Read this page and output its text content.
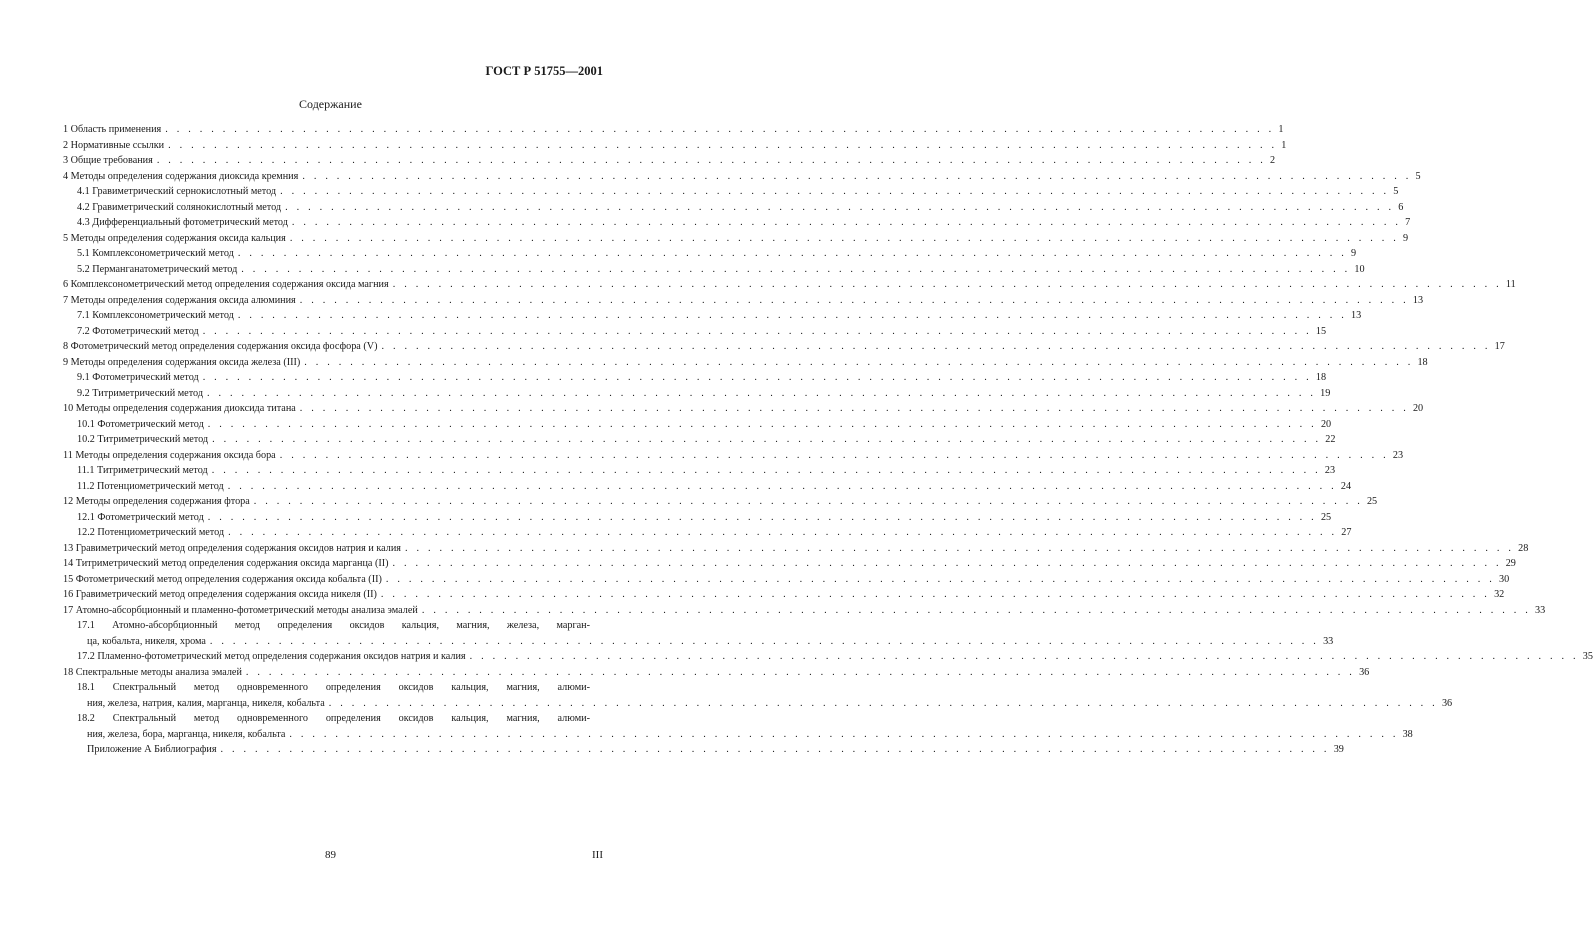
ГОСТ Р 51755—2001
Содержание
1 Область применения . . . . . . . . . . . . . . . . . . . . . . . . . . . . . . . . . . . . . . . . . . . . . . . . . . . . . . . . . . . . . . . . . . . . . . . . . . . . . . . . . . . . . . . . . . . . . . . . . 1
2 Нормативные ссылки . . . . . . . . . . . . . . . . . . . . . . . . . . . . . . . . . . . . . . . . . . . . . . . . . . . . . . . . . . . . . . . . . . . . . . . . . . . . . . . . . . . . . . . . . . . . . . . . . 1
3 Общие требования . . . . . . . . . . . . . . . . . . . . . . . . . . . . . . . . . . . . . . . . . . . . . . . . . . . . . . . . . . . . . . . . . . . . . . . . . . . . . . . . . . . . . . . . . . . . . . . . . 2
4 Методы определения содержания диоксида кремния . . . . . . . . . . . . . . . . . . . . . . . . . . . . . . . . . . . . . . . . . . . . . . . . . . . . . . . . . . . . . . . . . . . . . . . . . . . . . . . . . . . . . . . . . . . . . . . . . 5
4.1 Гравиметрический сернокислотный метод . . . . . . . . . . . . . . . . . . . . . . . . . . . . . . . . . . . . . . . . . . . . . . . . . . . . . . . . . . . . . . . . . . . . . . . . . . . . . . . . . . . . . . . . . . . . . . . . . 5
4.2 Гравиметрический солянокислотный метод . . . . . . . . . . . . . . . . . . . . . . . . . . . . . . . . . . . . . . . . . . . . . . . . . . . . . . . . . . . . . . . . . . . . . . . . . . . . . . . . . . . . . . . . . . . . . . . . . 6
4.3 Дифференциальный фотометрический метод . . . . . . . . . . . . . . . . . . . . . . . . . . . . . . . . . . . . . . . . . . . . . . . . . . . . . . . . . . . . . . . . . . . . . . . . . . . . . . . . . . . . . . . . . . . . . . . . . 7
5 Методы определения содержания оксида кальция . . . . . . . . . . . . . . . . . . . . . . . . . . . . . . . . . . . . . . . . . . . . . . . . . . . . . . . . . . . . . . . . . . . . . . . . . . . . . . . . . . . . . . . . . . . . . . . . . 9
5.1 Комплексонометрический метод . . . . . . . . . . . . . . . . . . . . . . . . . . . . . . . . . . . . . . . . . . . . . . . . . . . . . . . . . . . . . . . . . . . . . . . . . . . . . . . . . . . . . . . . . . . . . . . . . 9
5.2 Перманганатометрический метод . . . . . . . . . . . . . . . . . . . . . . . . . . . . . . . . . . . . . . . . . . . . . . . . . . . . . . . . . . . . . . . . . . . . . . . . . . . . . . . . . . . . . . . . . . . . . . . . . 10
6 Комплексонометрический метод определения содержания оксида магния . . . . . . . . . . . . . . . . . . . . . . . . . . . . . . . . . . . . . . . . . . . . . . . . . . . . . . . . . . . . . . . . . . . . . . . . . . . . . . . . . . . . . . . . . . . . . . . . . 11
7 Методы определения содержания оксида алюминия . . . . . . . . . . . . . . . . . . . . . . . . . . . . . . . . . . . . . . . . . . . . . . . . . . . . . . . . . . . . . . . . . . . . . . . . . . . . . . . . . . . . . . . . . . . . . . . . . 13
7.1 Комплексонометрический метод . . . . . . . . . . . . . . . . . . . . . . . . . . . . . . . . . . . . . . . . . . . . . . . . . . . . . . . . . . . . . . . . . . . . . . . . . . . . . . . . . . . . . . . . . . . . . . . . . 13
7.2 Фотометрический метод . . . . . . . . . . . . . . . . . . . . . . . . . . . . . . . . . . . . . . . . . . . . . . . . . . . . . . . . . . . . . . . . . . . . . . . . . . . . . . . . . . . . . . . . . . . . . . . . . 15
8 Фотометрический метод определения содержания оксида фосфора (V) . . . . . . . . . . . . . . . . . . . . . . . . . . . . . . . . . . . . . . . . . . . . . . . . . . . . . . . . . . . . . . . . . . . . . . . . . . . . . . . . . . . . . . . . . . . . . . . . . 17
9 Методы определения содержания оксида железа (III) . . . . . . . . . . . . . . . . . . . . . . . . . . . . . . . . . . . . . . . . . . . . . . . . . . . . . . . . . . . . . . . . . . . . . . . . . . . . . . . . . . . . . . . . . . . . . . . . . 18
9.1 Фотометрический метод . . . . . . . . . . . . . . . . . . . . . . . . . . . . . . . . . . . . . . . . . . . . . . . . . . . . . . . . . . . . . . . . . . . . . . . . . . . . . . . . . . . . . . . . . . . . . . . . . 18
9.2 Титриметрический метод . . . . . . . . . . . . . . . . . . . . . . . . . . . . . . . . . . . . . . . . . . . . . . . . . . . . . . . . . . . . . . . . . . . . . . . . . . . . . . . . . . . . . . . . . . . . . . . . . 19
10 Методы определения содержания диоксида титана . . . . . . . . . . . . . . . . . . . . . . . . . . . . . . . . . . . . . . . . . . . . . . . . . . . . . . . . . . . . . . . . . . . . . . . . . . . . . . . . . . . . . . . . . . . . . . . . . 20
10.1 Фотометрический метод . . . . . . . . . . . . . . . . . . . . . . . . . . . . . . . . . . . . . . . . . . . . . . . . . . . . . . . . . . . . . . . . . . . . . . . . . . . . . . . . . . . . . . . . . . . . . . . . . 20
10.2 Титриметрический метод . . . . . . . . . . . . . . . . . . . . . . . . . . . . . . . . . . . . . . . . . . . . . . . . . . . . . . . . . . . . . . . . . . . . . . . . . . . . . . . . . . . . . . . . . . . . . . . . . 22
11 Методы определения содержания оксида бора . . . . . . . . . . . . . . . . . . . . . . . . . . . . . . . . . . . . . . . . . . . . . . . . . . . . . . . . . . . . . . . . . . . . . . . . . . . . . . . . . . . . . . . . . . . . . . . . . 23
11.1 Титриметрический метод . . . . . . . . . . . . . . . . . . . . . . . . . . . . . . . . . . . . . . . . . . . . . . . . . . . . . . . . . . . . . . . . . . . . . . . . . . . . . . . . . . . . . . . . . . . . . . . . . 23
11.2 Потенциометрический метод . . . . . . . . . . . . . . . . . . . . . . . . . . . . . . . . . . . . . . . . . . . . . . . . . . . . . . . . . . . . . . . . . . . . . . . . . . . . . . . . . . . . . . . . . . . . . . . . . 24
12 Методы определения содержания фтора . . . . . . . . . . . . . . . . . . . . . . . . . . . . . . . . . . . . . . . . . . . . . . . . . . . . . . . . . . . . . . . . . . . . . . . . . . . . . . . . . . . . . . . . . . . . . . . . . 25
12.1 Фотометрический метод . . . . . . . . . . . . . . . . . . . . . . . . . . . . . . . . . . . . . . . . . . . . . . . . . . . . . . . . . . . . . . . . . . . . . . . . . . . . . . . . . . . . . . . . . . . . . . . . . 25
12.2 Потенциометрический метод . . . . . . . . . . . . . . . . . . . . . . . . . . . . . . . . . . . . . . . . . . . . . . . . . . . . . . . . . . . . . . . . . . . . . . . . . . . . . . . . . . . . . . . . . . . . . . . . . 27
13 Гравиметрический метод определения содержания оксидов натрия и калия . . . . . . . . . . . . . . . . . . . . . . . . . . . . . . . . . . . . . . . . . . . . . . . . . . . . . . . . . . . . . . . . . . . . . . . . . . . . . . . . . . . . . . . . . . . . . . . . . 28
14 Титриметрический метод определения содержания оксида марганца (II) . . . . . . . . . . . . . . . . . . . . . . . . . . . . . . . . . . . . . . . . . . . . . . . . . . . . . . . . . . . . . . . . . . . . . . . . . . . . . . . . . . . . . . . . . . . . . . . . . 29
15 Фотометрический метод определения содержания оксида кобальта (II) . . . . . . . . . . . . . . . . . . . . . . . . . . . . . . . . . . . . . . . . . . . . . . . . . . . . . . . . . . . . . . . . . . . . . . . . . . . . . . . . . . . . . . . . . . . . . . . . . 30
16 Гравиметрический метод определения содержания оксида никеля (II) . . . . . . . . . . . . . . . . . . . . . . . . . . . . . . . . . . . . . . . . . . . . . . . . . . . . . . . . . . . . . . . . . . . . . . . . . . . . . . . . . . . . . . . . . . . . . . . . . 32
17 Атомно-абсорбционный и пламенно-фотометрический методы анализа эмалей . . . . . . . . . . . . . . . . . . . . . . . . . . . . . . . . . . . . . . . . . . . . . . . . . . . . . . . . . . . . . . . . . . . . . . . . . . . . . . . . . . . . . . . . . . . . . . . . . 33
17.1 Атомно-абсорбционный метод определения оксидов кальция, магния, железа, марган-
ца, кобальта, никеля, хрома . . . . . . . . . . . . . . . . . . . . . . . . . . . . . . . . . . . . . . . . . . . . . . . . . . . . . . . . . . . . . . . . . . . . . . . . . . . . . . . . . . . . . . . . . . . . . . . . . 33
17.2 Пламенно-фотометрический метод определения содержания оксидов натрия и калия . . . . . . . . . . . . . . . . . . . . . . . . . . . . . . . . . . . . . . . . . . . . . . . . . . . . . . . . . . . . . . . . . . . . . . . . . . . . . . . . . . . . . . . . . . . . . . . . . 35
18 Спектральные методы анализа эмалей . . . . . . . . . . . . . . . . . . . . . . . . . . . . . . . . . . . . . . . . . . . . . . . . . . . . . . . . . . . . . . . . . . . . . . . . . . . . . . . . . . . . . . . . . . . . . . . . . 36
18.1 Спектральный метод одновременного определения оксидов кальция, магния, алюми-
ния, железа, натрия, калия, марганца, никеля, кобальта . . . . . . . . . . . . . . . . . . . . . . . . . . . . . . . . . . . . . . . . . . . . . . . . . . . . . . . . . . . . . . . . . . . . . . . . . . . . . . . . . . . . . . . . . . . . . . . . . 36
18.2 Спектральный метод одновременного определения оксидов кальция, магния, алюми-
ния, железа, бора, марганца, никеля, кобальта . . . . . . . . . . . . . . . . . . . . . . . . . . . . . . . . . . . . . . . . . . . . . . . . . . . . . . . . . . . . . . . . . . . . . . . . . . . . . . . . . . . . . . . . . . . . . . . . . 38
Приложение А Библиография . . . . . . . . . . . . . . . . . . . . . . . . . . . . . . . . . . . . . . . . . . . . . . . . . . . . . . . . . . . . . . . . . . . . . . . . . . . . . . . . . . . . . . . . . . . . . . . . . 39
89	III
